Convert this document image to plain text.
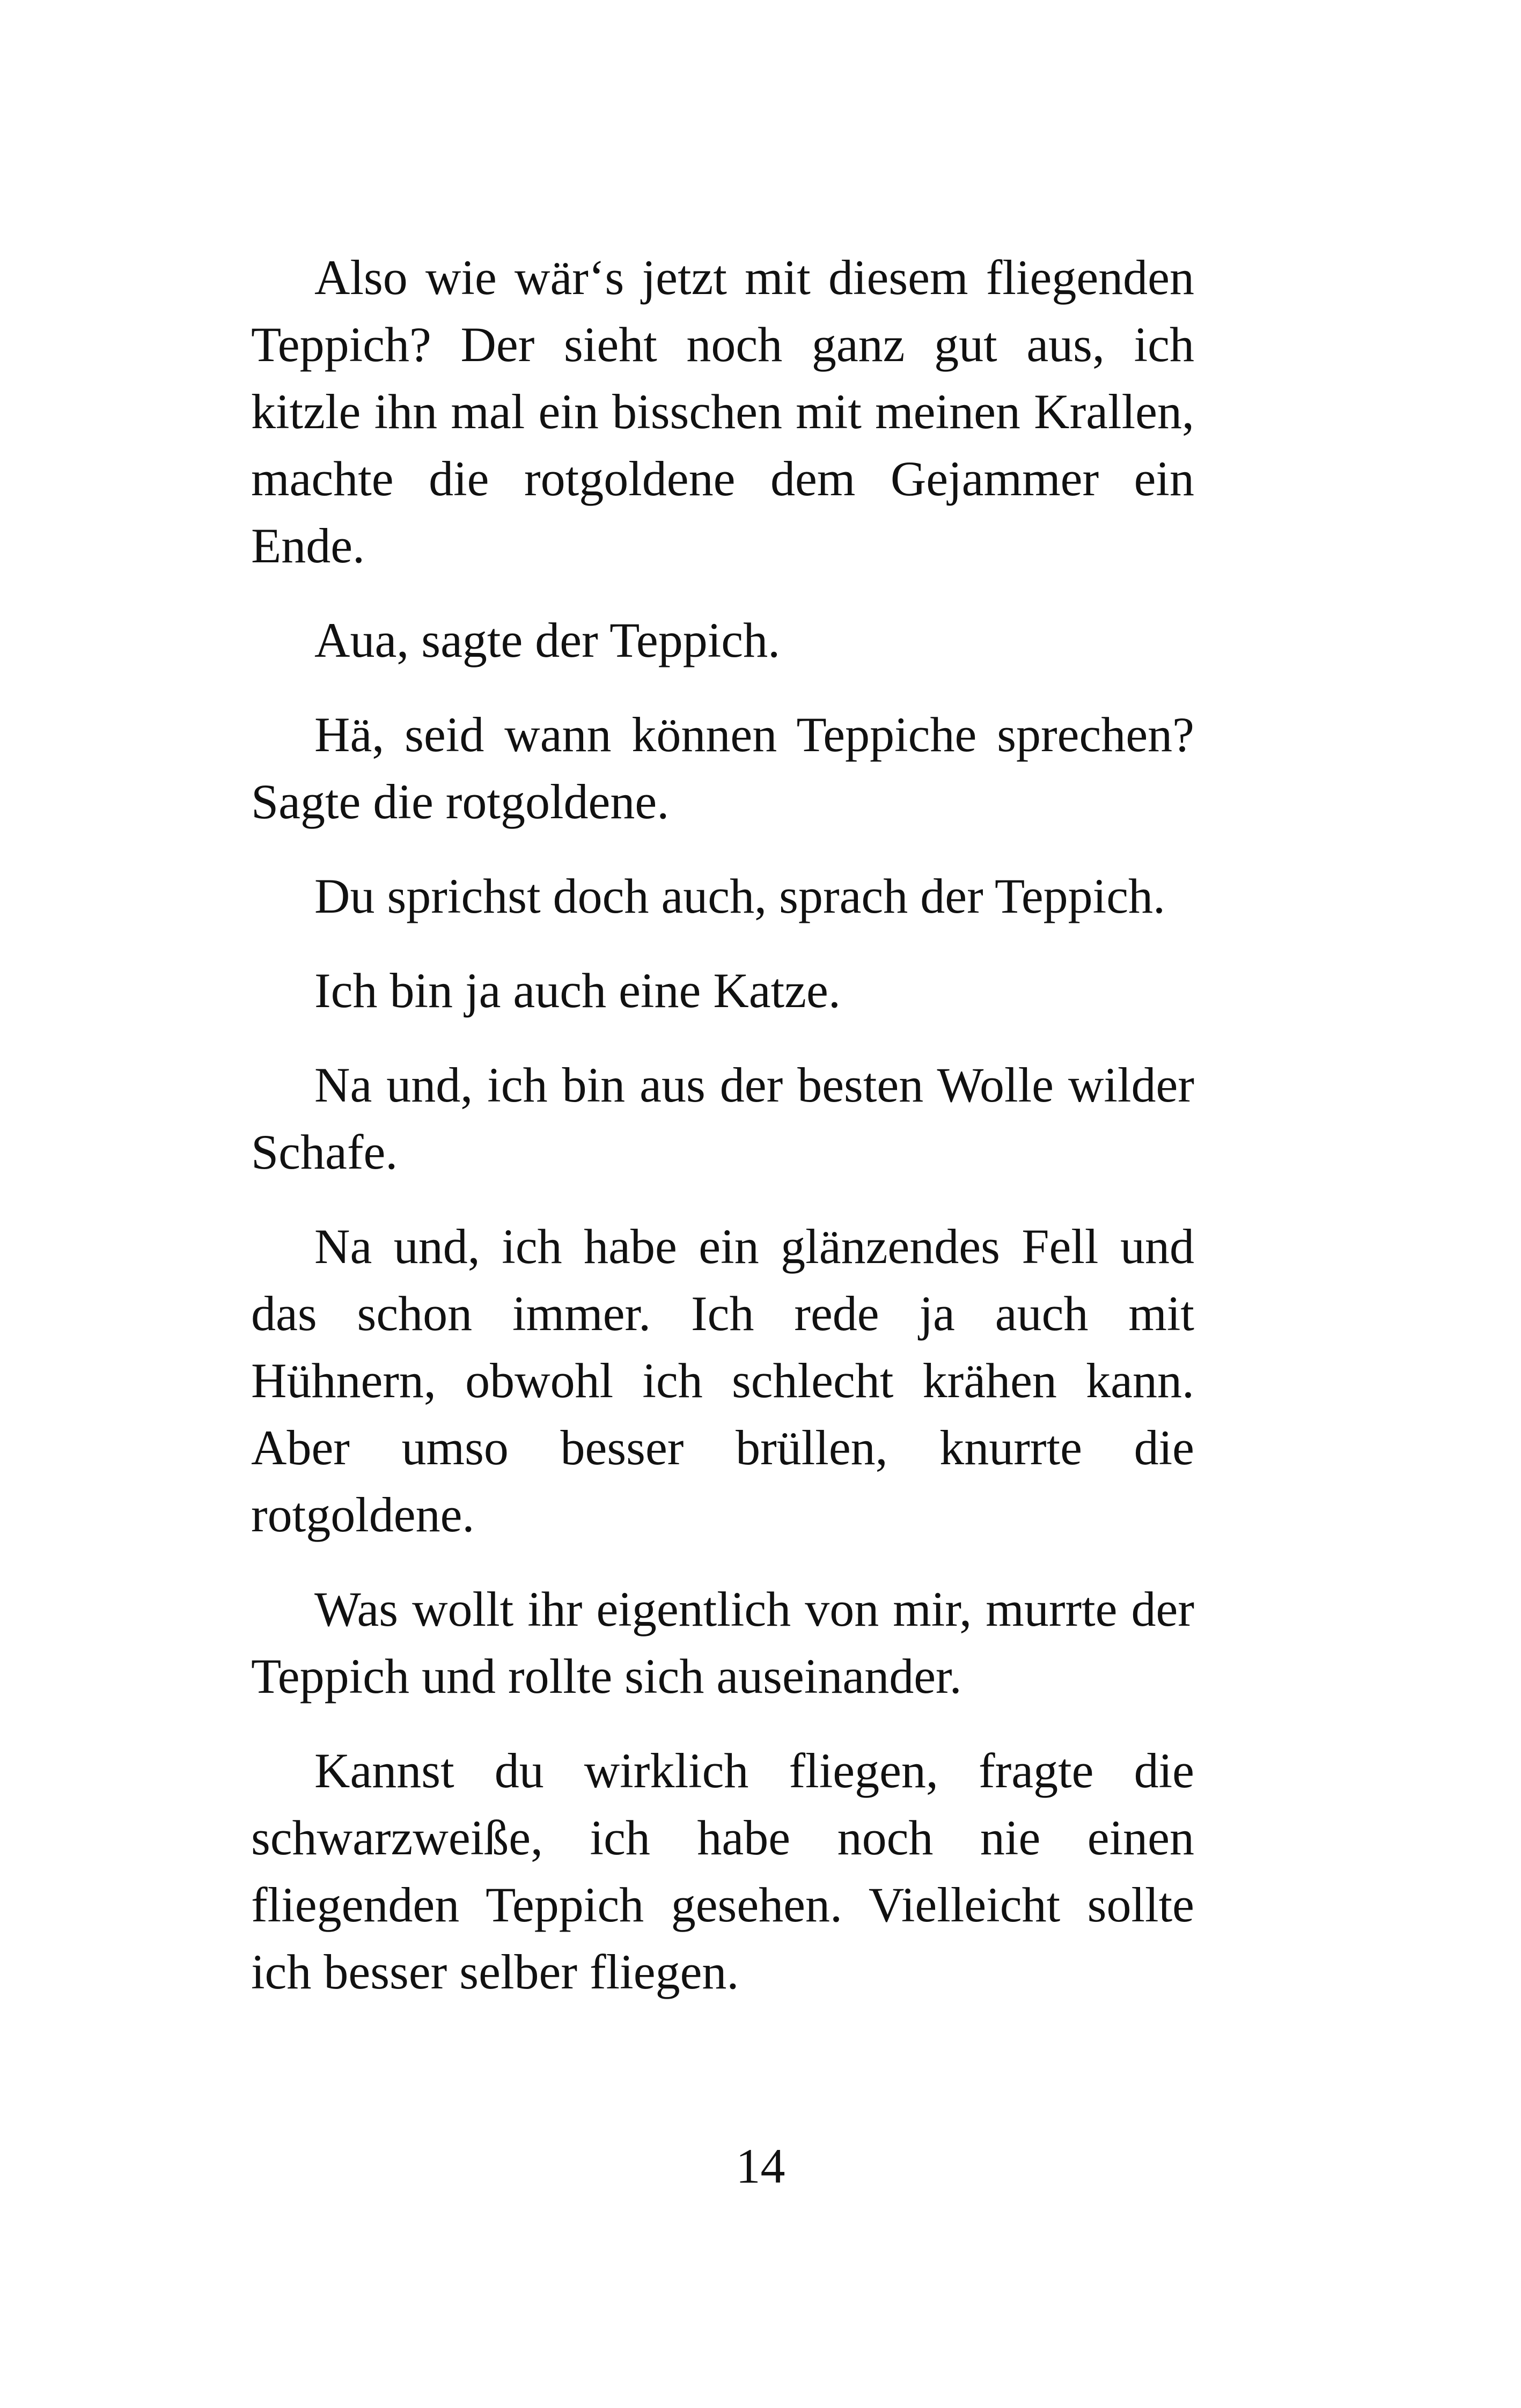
Also wie wär‘s jetzt mit diesem fliegenden Teppich? Der sieht noch ganz gut aus, ich kitzle ihn mal ein bisschen mit meinen Krallen, machte die rotgoldene dem Gejammer ein Ende.

Aua, sagte der Teppich.

Hä, seid wann können Teppiche sprechen? Sagte die rotgoldene.

Du sprichst doch auch, sprach der Teppich.

Ich bin ja auch eine Katze.

Na und, ich bin aus der besten Wolle wilder Schafe.

Na und, ich habe ein glänzendes Fell und das schon immer. Ich rede ja auch mit Hühnern, obwohl ich schlecht krähen kann. Aber umso besser brüllen, knurrte die rotgoldene.

Was wollt ihr eigentlich von mir, murrte der Teppich und rollte sich auseinander.

Kannst du wirklich fliegen, fragte die schwarzweiße, ich habe noch nie einen fliegenden Teppich gesehen. Vielleicht sollte ich besser selber fliegen.

14
